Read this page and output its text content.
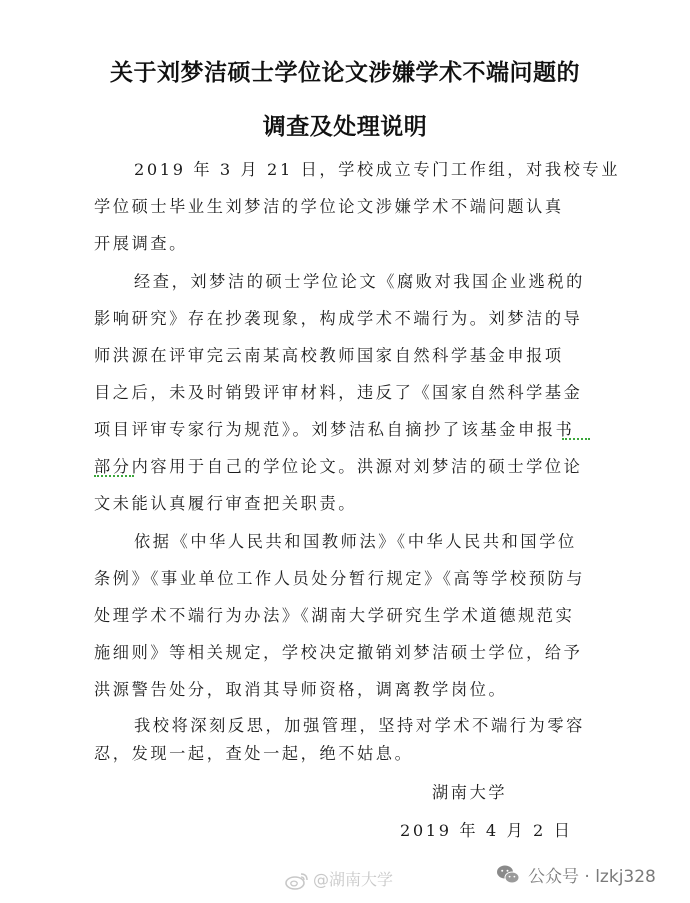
关于刘梦洁硕士学位论文涉嫌学术不端问题的
调查及处理说明
2019 年 3 月 21 日，学校成立专门工作组，对我校专业
学位硕士毕业生刘梦洁的学位论文涉嫌学术不端问题认真
开展调查。
经查，刘梦洁的硕士学位论文《腐败对我国企业逃税的
影响研究》存在抄袭现象，构成学术不端行为。刘梦洁的导
师洪源在评审完云南某高校教师国家自然科学基金申报项
目之后，未及时销毁评审材料，违反了《国家自然科学基金
项目评审专家行为规范》。刘梦洁私自摘抄了该基金申报书
部分内容用于自己的学位论文。洪源对刘梦洁的硕士学位论
文未能认真履行审查把关职责。
依据《中华人民共和国教师法》《中华人民共和国学位
条例》《事业单位工作人员处分暂行规定》《高等学校预防与
处理学术不端行为办法》《湖南大学研究生学术道德规范实
施细则》等相关规定，学校决定撤销刘梦洁硕士学位，给予
洪源警告处分，取消其导师资格，调离教学岗位。
我校将深刻反思，加强管理，坚持对学术不端行为零容
忍，发现一起，查处一起，绝不姑息。
湖南大学
2019 年 4 月 2 日
@湖南大学	公众号 · lzkj328
